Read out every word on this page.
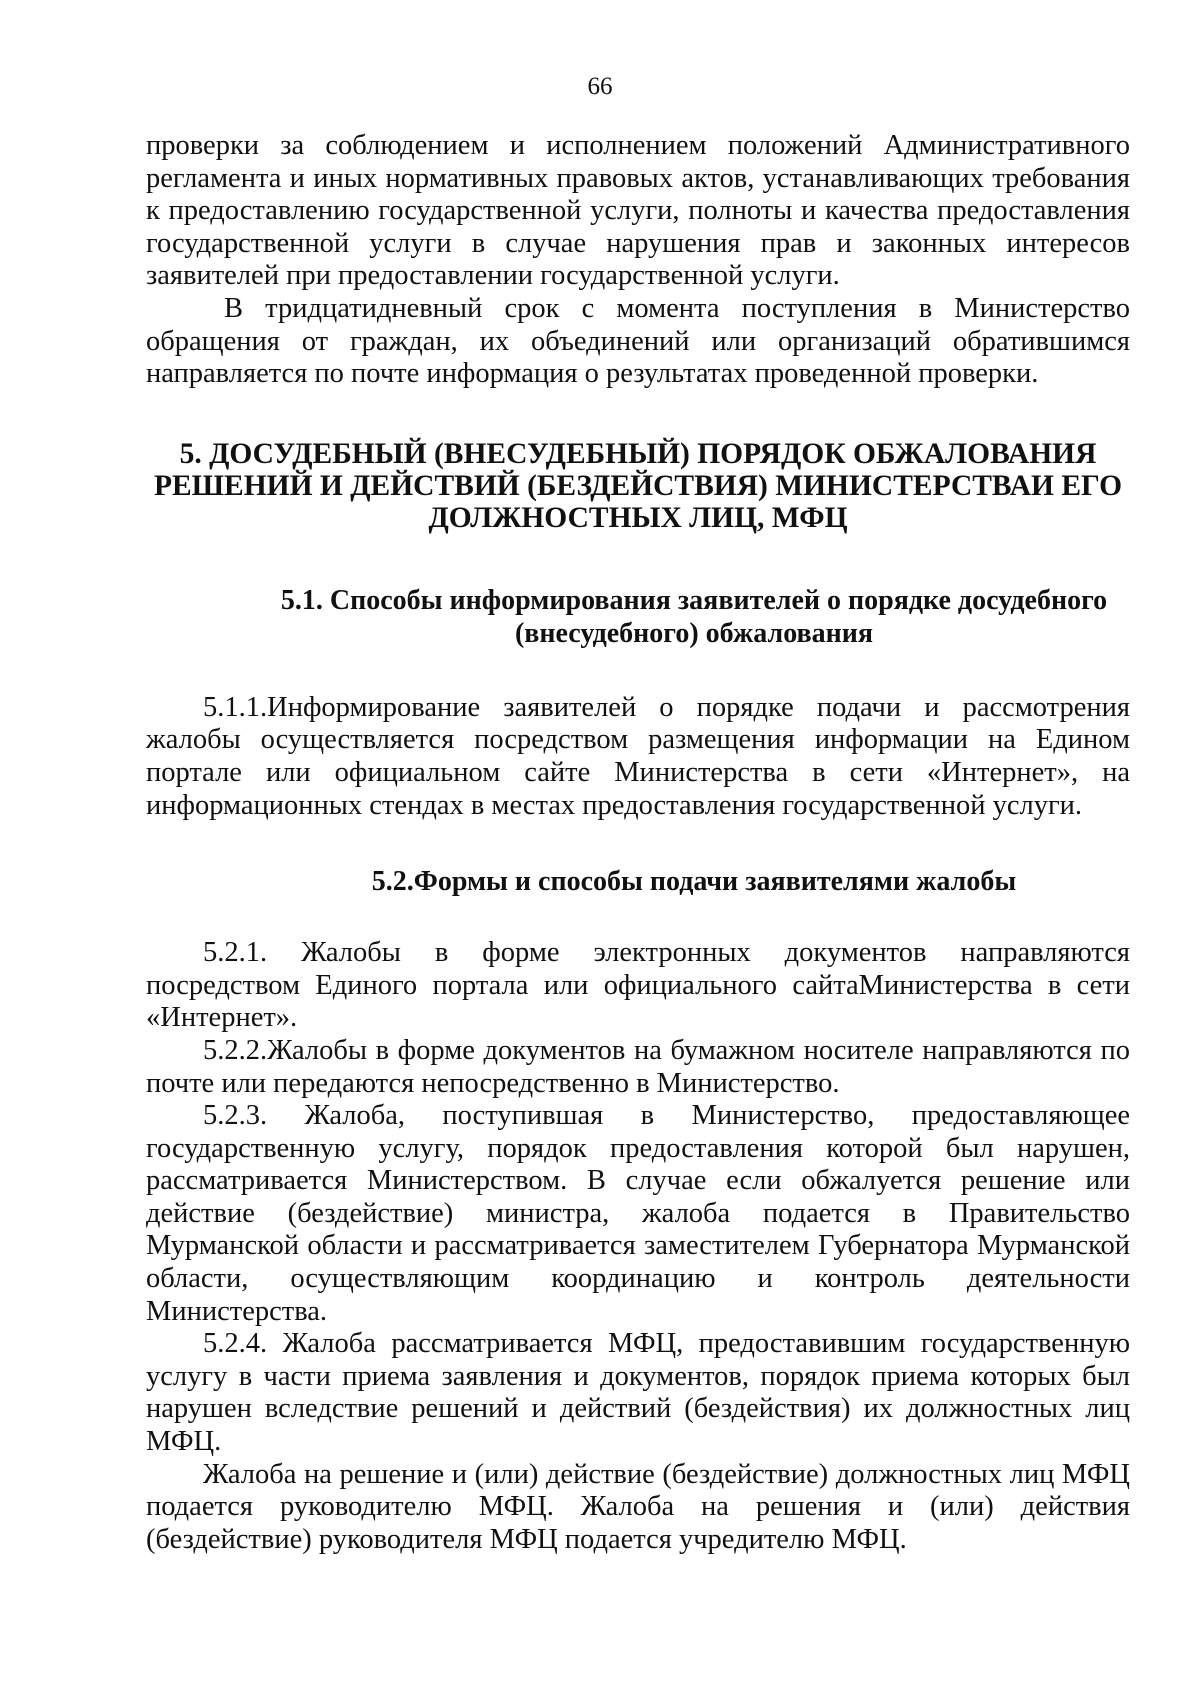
66

проверки за соблюдением и исполнением положений Административного регламента и иных нормативных правовых актов, устанавливающих требования к предоставлению государственной услуги, полноты и качества предоставления государственной услуги в случае нарушения прав и законных интересов заявителей при предоставлении государственной услуги.

В тридцатидневный срок с момента поступления в Министерство обращения от граждан, их объединений или организаций обратившимся направляется по почте информация о результатах проведенной проверки.

5. ДОСУДЕБНЫЙ (ВНЕСУДЕБНЫЙ) ПОРЯДОК ОБЖАЛОВАНИЯ
РЕШЕНИЙ И ДЕЙСТВИЙ (БЕЗДЕЙСТВИЯ) МИНИСТЕРСТВАИ ЕГО
ДОЛЖНОСТНЫХ ЛИЦ, МФЦ
5.1. Способы информирования заявителей о порядке досудебного
(внесудебного) обжалования

5.1.1.Информирование заявителей о порядке подачи и рассмотрения жалобы осуществляется посредством размещения информации на Едином портале или официальном сайте Министерства в сети «Интернет», на информационных стендах в местах предоставления государственной услуги.

5.2.Формы и способы подачи заявителями жалобы

5.2.1. Жалобы в форме электронных документов направляются посредством Единого портала или официального сайтаМинистерства в сети «Интернет».

5.2.2.Жалобы в форме документов на бумажном носителе направляются по почте или передаются непосредственно в Министерство.

5.2.3. Жалоба, поступившая в Министерство, предоставляющее государственную услугу, порядок предоставления которой был нарушен, рассматривается Министерством. В случае если обжалуется решение или действие (бездействие) министра, жалоба подается в Правительство Мурманской области и рассматривается заместителем Губернатора Мурманской области, осуществляющим координацию и контроль деятельности Министерства.

5.2.4. Жалоба рассматривается МФЦ, предоставившим государственную услугу в части приема заявления и документов, порядок приема которых был нарушен вследствие решений и действий (бездействия) их должностных лиц МФЦ.

Жалоба на решение и (или) действие (бездействие) должностных лиц МФЦ подается руководителю МФЦ. Жалоба на решения и (или) действия (бездействие) руководителя МФЦ подается учредителю МФЦ.
